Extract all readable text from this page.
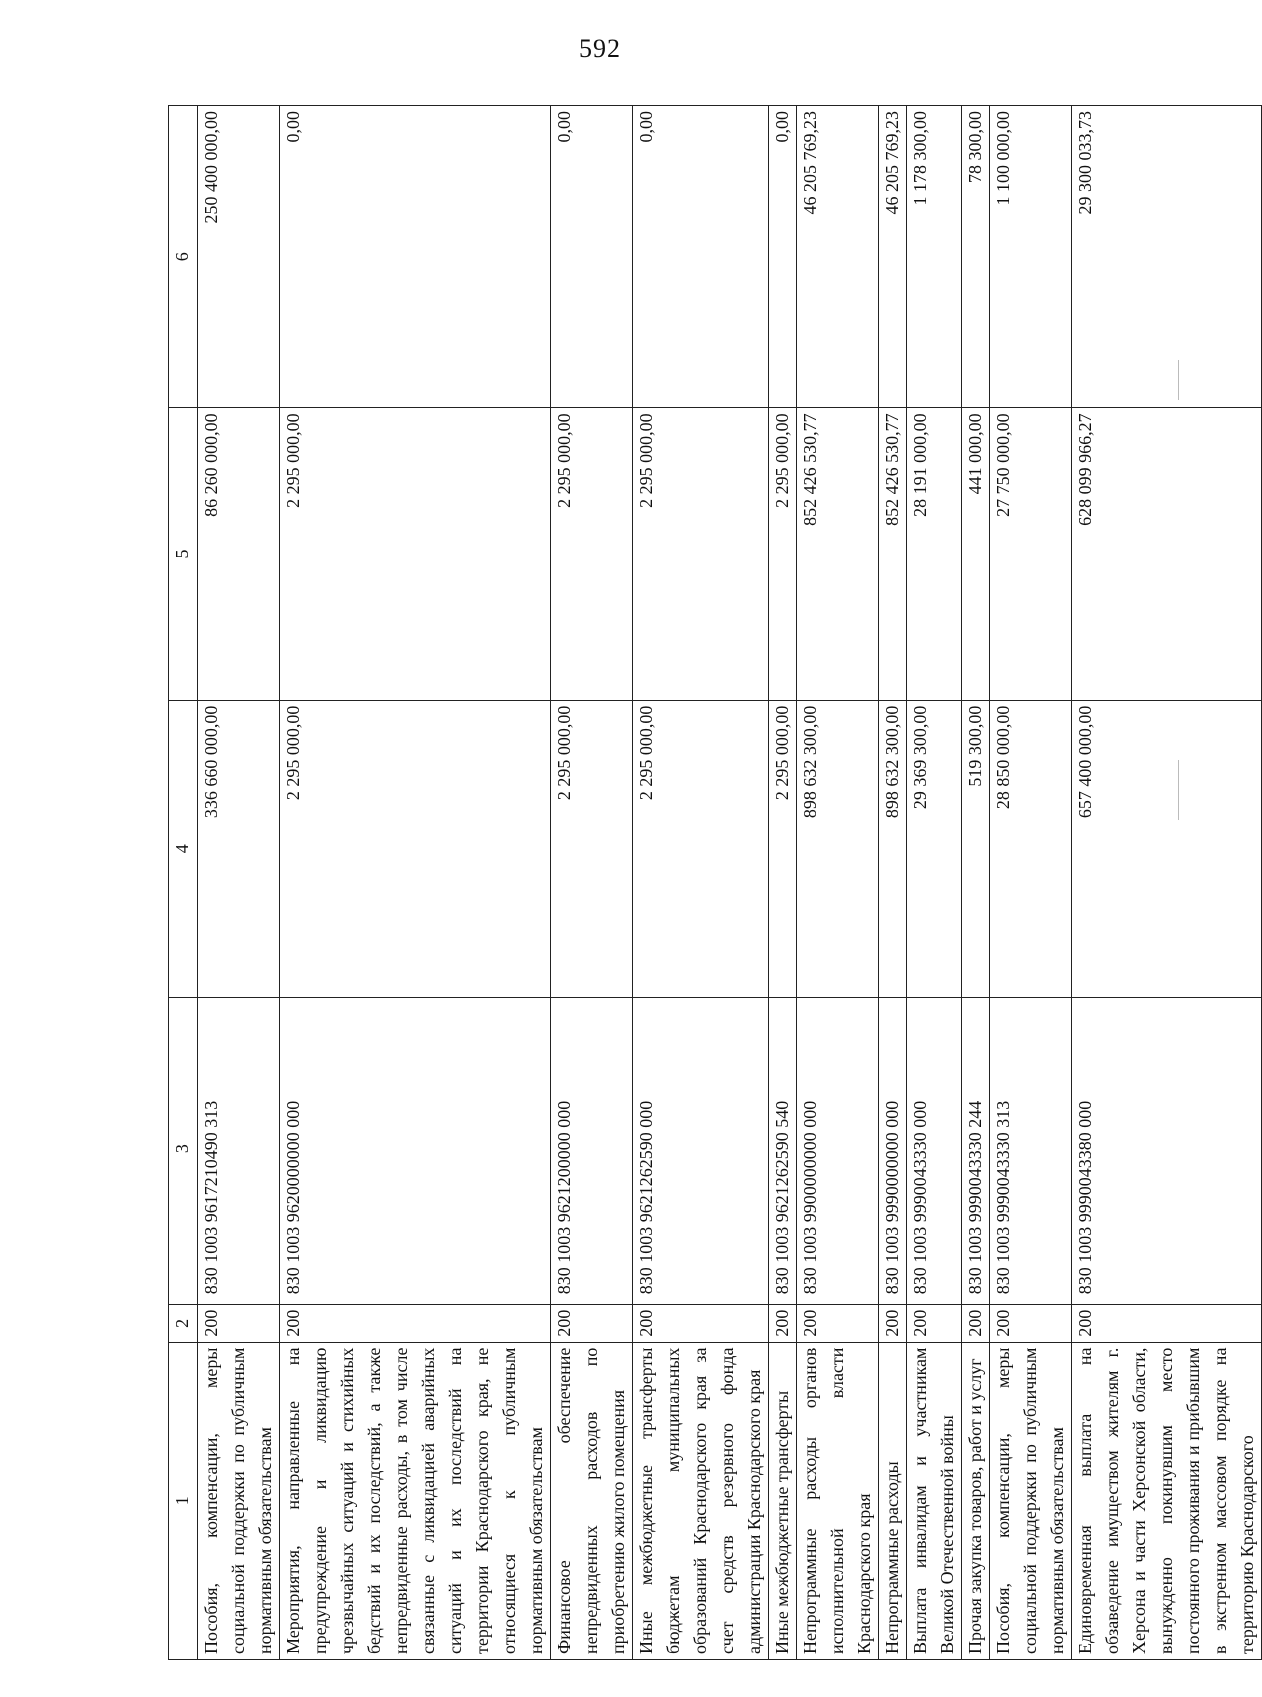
592
1	2	3	4	5	6
Пособия, компенсации, меры социальной поддержки по публичным нормативным обязательствам	200	830 1003 9617210490 313	336 660 000,00	86 260 000,00	250 400 000,00
Мероприятия, направленные на предупреждение и ликвидацию чрезвычайных ситуаций и стихийных бедствий и их последствий, а также непредвиденные расходы, в том числе связанные с ликвидацией аварийных ситуаций и их последствий на территории Краснодарского края, не относящиеся к публичным нормативным обязательствам	200	830 1003 9620000000 000	2 295 000,00	2 295 000,00	0,00
Финансовое обеспечение непредвиденных расходов по приобретению жилого помещения	200	830 1003 9621200000 000	2 295 000,00	2 295 000,00	0,00
Иные межбюджетные трансферты бюджетам муниципальных образований Краснодарского края за счет средств резервного фонда администрации Краснодарского края	200	830 1003 9621262590 000	2 295 000,00	2 295 000,00	0,00
Иные межбюджетные трансферты	200	830 1003 9621262590 540	2 295 000,00	2 295 000,00	0,00
Непрограммные расходы органов исполнительной власти Краснодарского края	200	830 1003 9900000000 000	898 632 300,00	852 426 530,77	46 205 769,23
Непрограммные расходы	200	830 1003 9990000000 000	898 632 300,00	852 426 530,77	46 205 769,23
Выплата инвалидам и участникам Великой Отечественной войны	200	830 1003 9990043330 000	29 369 300,00	28 191 000,00	1 178 300,00
Прочая закупка товаров, работ и услуг	200	830 1003 9990043330 244	519 300,00	441 000,00	78 300,00
Пособия, компенсации, меры социальной поддержки по публичным нормативным обязательствам	200	830 1003 9990043330 313	28 850 000,00	27 750 000,00	1 100 000,00
Единовременная выплата на обзаведение имуществом жителям г. Херсона и части Херсонской области, вынужденно покинувшим место постоянного проживания и прибывшим в экстренном массовом порядке на территорию Краснодарского	200	830 1003 9990043380 000	657 400 000,00	628 099 966,27	29 300 033,73
